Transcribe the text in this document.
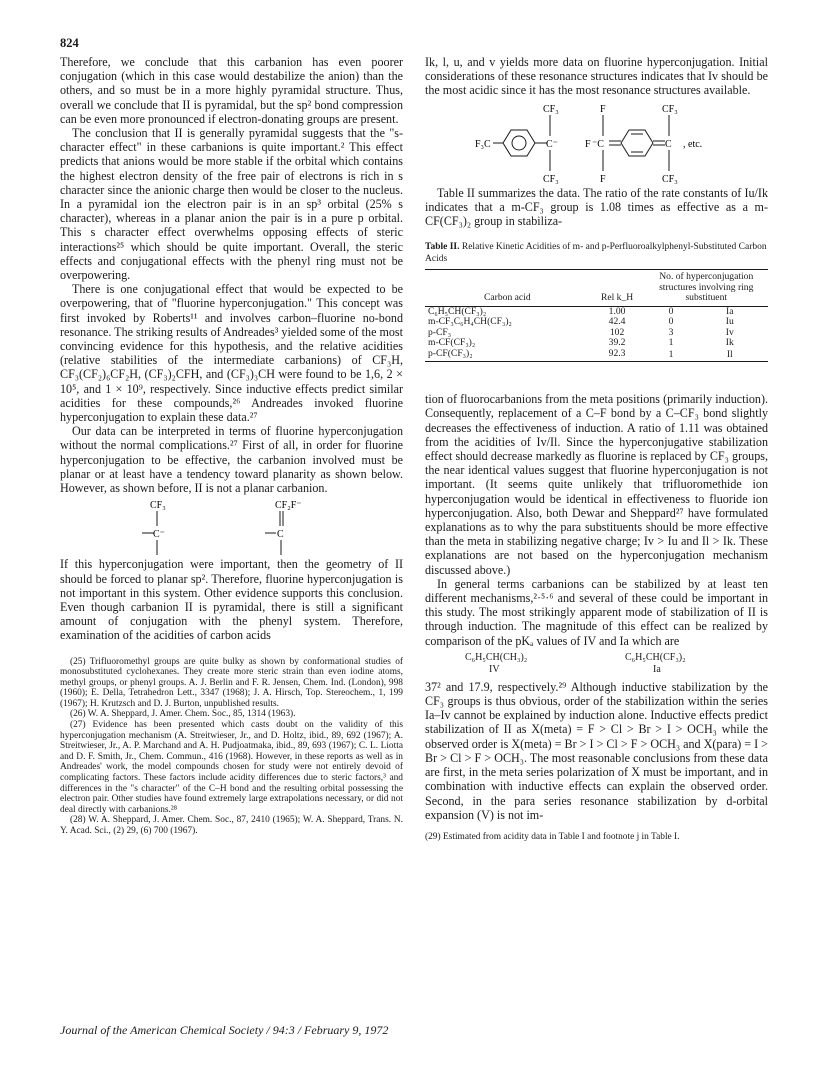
824

Therefore, we conclude that this carbanion has even poorer conjugation (which in this case would destabilize the anion) than the others, and so must be in a more highly pyramidal structure. Thus, overall we conclude that II is pyramidal, but the sp² bond compression can be even more pronounced if electron-donating groups are present.

The conclusion that II is generally pyramidal suggests that the "s-character effect" in these carbanions is quite important.² This effect predicts that anions would be more stable if the orbital which contains the highest electron density of the free pair of electrons is rich in s character since the anionic charge then would be closer to the nucleus. In a pyramidal ion the electron pair is in an sp³ orbital (25% s character), whereas in a planar anion the pair is in a pure p orbital. This s character effect overwhelms opposing effects of steric interactions²⁵ which should be quite important. Overall, the steric effects and conjugational effects with the phenyl ring must not be overpowering.

There is one conjugational effect that would be expected to be overpowering, that of "fluorine hyperconjugation." This concept was first invoked by Roberts¹¹ and involves carbon–fluorine no-bond resonance. The striking results of Andreades³ yielded some of the most convincing evidence for this hypothesis, and the relative acidities (relative stabilities of the intermediate carbanions) of CF₃H, CF₃(CF₂)₆CF₂H, (CF₃)₂CFH, and (CF₃)₃CH were found to be 1,6, 2 × 10⁵, and 1 × 10⁹, respectively. Since inductive effects predict similar acidities for these compounds,²⁶ Andreades invoked fluorine hyperconjugation to explain these data.²⁷

Our data can be interpreted in terms of fluorine hyperconjugation without the normal complications.²⁷ First of all, in order for fluorine hyperconjugation to be effective, the carbanion involved must be planar or at least have a tendency toward planarity as shown below. However, as shown before, II is not a planar carbanion.

CF₃
C⁻
CF₂F⁻
C

If this hyperconjugation were important, then the geometry of II should be forced to planar sp². Therefore, fluorine hyperconjugation is not important in this system. Other evidence supports this conclusion. Even though carbanion II is pyramidal, there is still a significant amount of conjugation with the phenyl system. Therefore, examination of the acidities of carbon acids

(25) Trifluoromethyl groups are quite bulky as shown by conformational studies of monosubstituted cyclohexanes. They create more steric strain than even iodine atoms, methyl groups, or phenyl groups. A. J. Berlin and F. R. Jensen, Chem. Ind. (London), 998 (1960); E. Della, Tetrahedron Lett., 3347 (1968); J. A. Hirsch, Top. Stereochem., 1, 199 (1967); H. Krutzsch and D. J. Burton, unpublished results.

(26) W. A. Sheppard, J. Amer. Chem. Soc., 85, 1314 (1963).

(27) Evidence has been presented which casts doubt on the validity of this hyperconjugation mechanism (A. Streitwieser, Jr., and D. Holtz, ibid., 89, 692 (1967); A. Streitwieser, Jr., A. P. Marchand and A. H. Pudjoatmaka, ibid., 89, 693 (1967); C. L. Liotta and D. F. Smith, Jr., Chem. Commun., 416 (1968). However, in these reports as well as in Andreades' work, the model compounds chosen for study were not entirely devoid of complicating factors. These factors include acidity differences due to steric factors,³ and differences in the "s character" of the C–H bond and the resulting orbital possessing the electron pair. Other studies have found extremely large extrapolations necessary, or did not deal directly with carbanions.²⁸

(28) W. A. Sheppard, J. Amer. Chem. Soc., 87, 2410 (1965); W. A. Sheppard, Trans. N. Y. Acad. Sci., (2) 29, (6) 700 (1967).

Ik, l, u, and v yields more data on fluorine hyperconjugation. Initial considerations of these resonance structures indicates that Iv should be the most acidic since it has the most resonance structures available.

F₃C	C⁻
CF₃
CF₃
F
F ⁻C
F
C
CF₃
CF₃
, etc.

Table II summarizes the data. The ratio of the rate constants of Iu/Ik indicates that a m-CF₃ group is 1.08 times as effective as a m-CF(CF₃)₂ group in stabiliza-

Table II. Relative Kinetic Acidities of m- and p-Perfluoroalkylphenyl-Substituted Carbon Acids

Carbon acid	Rel k_H	No. of hyperconjugation structures involving ring substituent
C₆H₅CH(CF₃)₂	1.00	0 Ia

m-CF₃C₆H₄CH(CF₃)₂	42.4	0 Iu

p-CF₃	102	3 Iv

m-CF(CF₃)₂	39.2	1 Ik

p-CF(CF₃)₂	92.3	1 Il

tion of fluorocarbanions from the meta positions (primarily induction). Consequently, replacement of a C–F bond by a C–CF₃ bond slightly decreases the effectiveness of induction. A ratio of 1.11 was obtained from the acidities of Iv/Il. Since the hyperconjugative stabilization effect should decrease markedly as fluorine is replaced by CF₃ groups, the near identical values suggest that fluorine hyperconjugation is not important. (It seems quite unlikely that trifluoromethide ion hyperconjugation would be identical in effectiveness to fluoride ion hyperconjugation. Also, both Dewar and Sheppard²⁷ have formulated explanations as to why the para substituents should be more effective than the meta in stabilizing negative charge; Iv > Iu and Il > Ik. These explanations are not based on the hyperconjugation mechanism discussed above.)

In general terms carbanions can be stabilized by at least ten different mechanisms,²·⁵·⁶ and several of these could be important in this study. The most strikingly apparent mode of stabilization of II is through induction. The magnitude of this effect can be realized by comparison of the pKₐ values of IV and Ia which are

C₆H₅CH(CH₃)₂
IV
C₆H₅CH(CF₃)₂
Ia

37² and 17.9, respectively.²⁹ Although inductive stabilization by the CF₃ groups is thus obvious, order of the stabilization within the series Ia–Iv cannot be explained by induction alone. Inductive effects predict stabilization of II as X(meta) = F > Cl > Br > I > OCH₃ while the observed order is X(meta) = Br > I > Cl > F > OCH₃ and X(para) = I > Br > Cl > F > OCH₃. The most reasonable conclusions from these data are first, in the meta series polarization of X must be important, and in combination with inductive effects can explain the observed order. Second, in the para series resonance stabilization by d-orbital expansion (V) is not im-

(29) Estimated from acidity data in Table I and footnote j in Table I.

Journal of the American Chemical Society / 94:3 / February 9, 1972
